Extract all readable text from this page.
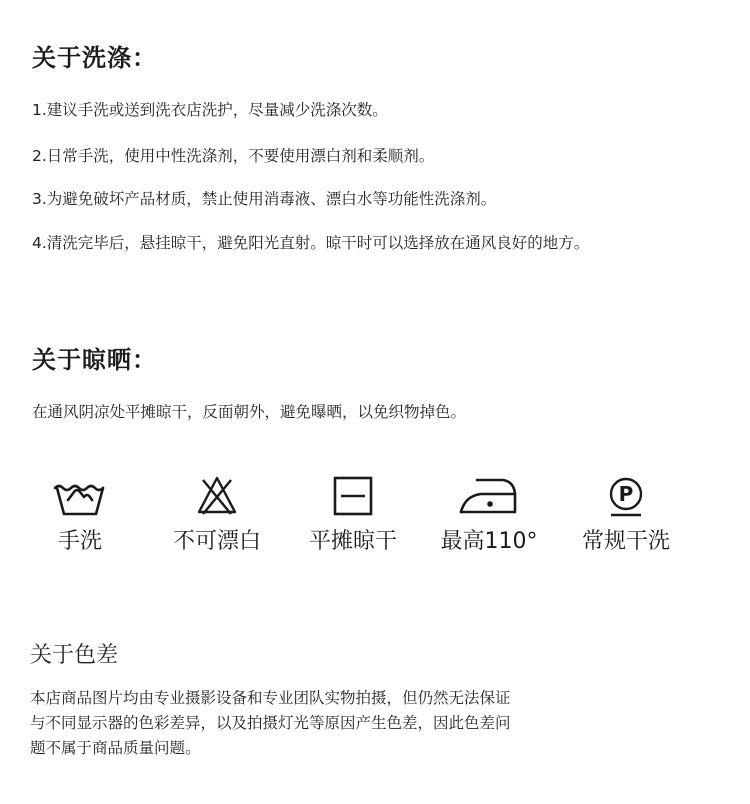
关于洗涤：
1.建议手洗或送到洗衣店洗护，尽量减少洗涤次数。
2.日常手洗，使用中性洗涤剂，不要使用漂白剂和柔顺剂。
3.为避免破坏产品材质，禁止使用消毒液、漂白水等功能性洗涤剂。
4.清洗完毕后，悬挂晾干，避免阳光直射。晾干时可以选择放在通风良好的地方。
关于晾晒：
在通风阴凉处平摊晾干，反面朝外，避免曝晒，以免织物掉色。
手洗	不可漂白	平摊晾干	最高110°
P
常规干洗
关于色差
本店商品图片均由专业摄影设备和专业团队实物拍摄，但仍然无法保证
与不同显示器的色彩差异，以及拍摄灯光等原因产生色差，因此色差问
题不属于商品质量问题。
